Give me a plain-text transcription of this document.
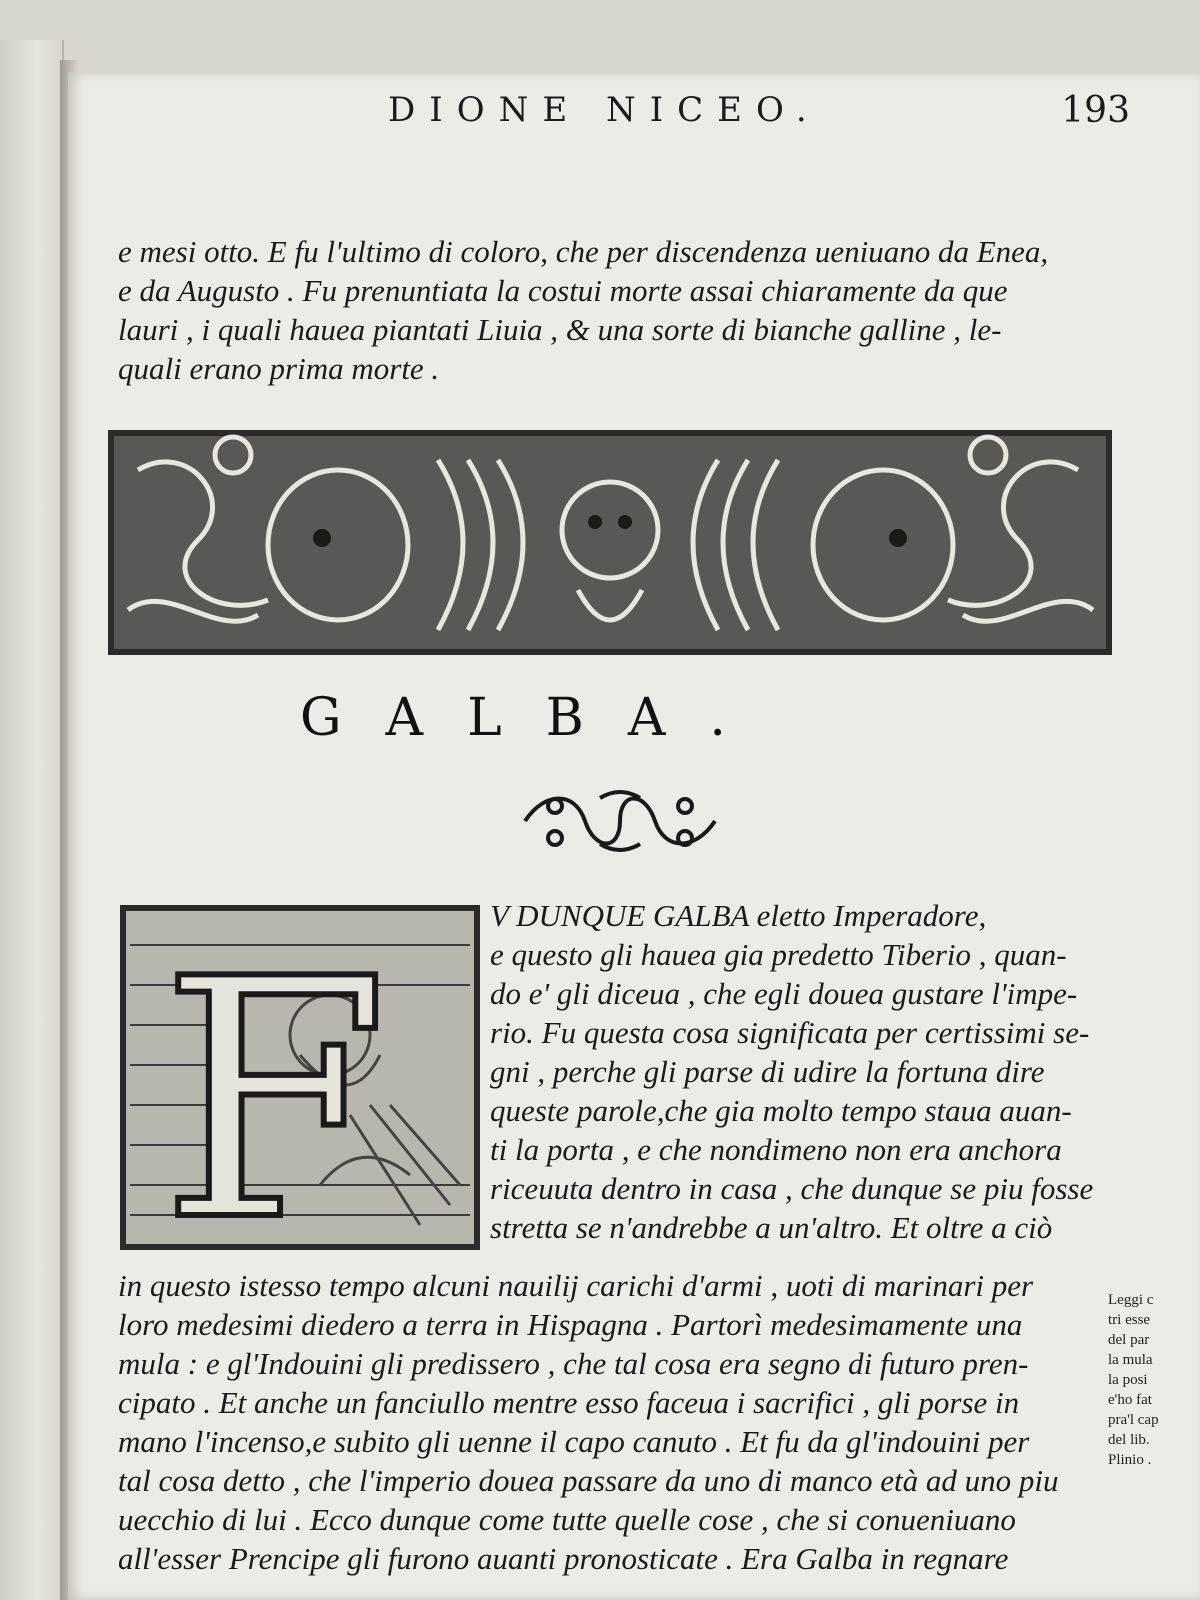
DIONE NICEO.	193

e mesi otto. E fu l'ultimo di coloro, che per discendenza ueniuano da Enea,

e da Augusto . Fu prenuntiata la costui morte assai chiaramente da que

lauri , i quali hauea piantati Liuia , & una sorte di bianche galline , le-

quali erano prima morte .

GALBA.
F	V DUNQUE GALBA eletto Imperadore,

e questo gli hauea gia predetto Tiberio , quan-

do e' gli diceua , che egli douea gustare l'impe-

rio. Fu questa cosa significata per certissimi se-

gni , perche gli parse di udire la fortuna dire

queste parole,che gia molto tempo staua auan-

ti la porta , e che nondimeno non era anchora

riceuuta dentro in casa , che dunque se piu fosse

stretta se n'andrebbe a un'altro. Et oltre a ciò

in questo istesso tempo alcuni nauilij carichi d'armi , uoti di marinari per

loro medesimi diedero a terra in Hispagna . Partorì medesimamente una

mula : e gl'Indouini gli predissero , che tal cosa era segno di futuro pren-

cipato . Et anche un fanciullo mentre esso faceua i sacrifici , gli porse in

mano l'incenso,e subito gli uenne il capo canuto . Et fu da gl'indouini per

tal cosa detto , che l'imperio douea passare da uno di manco età ad uno piu

uecchio di lui . Ecco dunque come tutte quelle cose , che si conueniuano

all'esser Prencipe gli furono auanti pronosticate . Era Galba in regnare

Leggi c

tri esse

del par

la mula

la posi

e'ho fat

pra'l cap

del lib.

Plinio .
